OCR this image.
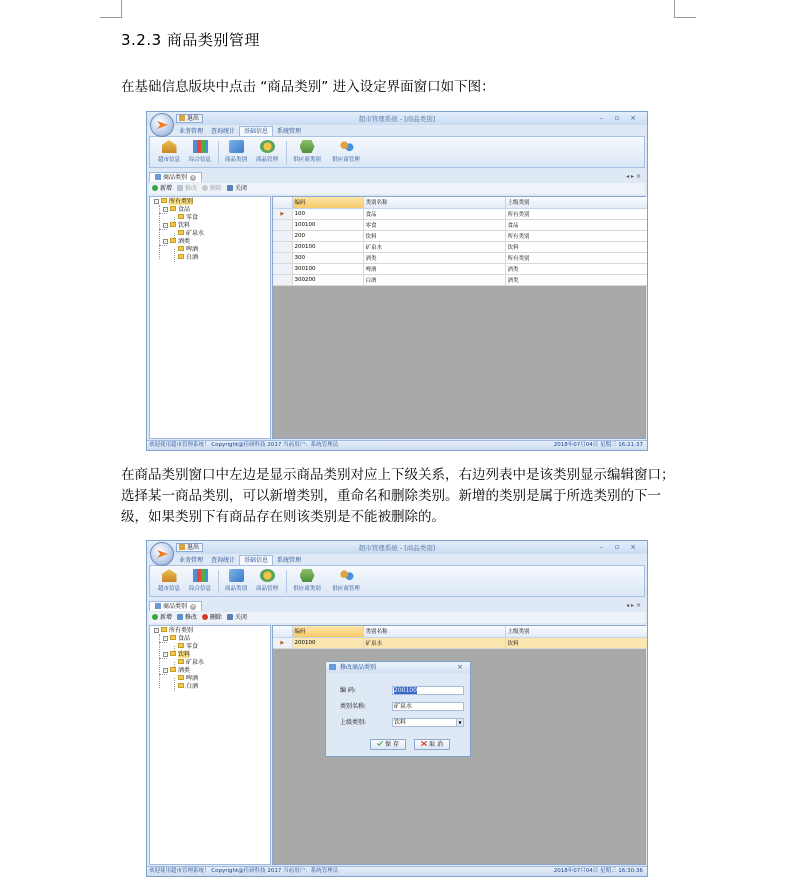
3.2.3 商品类别管理
在基础信息版块中点击 “商品类别” 进入设定界面窗口如下图：
在商品类别窗口中左边是显示商品类别对应上下级关系，右边列表中是该类别显示编辑窗口；选择某一商品类别，可以新增类别，重命名和删除类别。新增的类别是属于所选类别的下一级，如果类别下有商品存在则该类别是不能被删除的。
超市管理系统 - [商品类别]
退出	– ▫ ×
业务管理 查询统计 基础信息 系统管理
超市信息	综合信息	商品类别	商品管理	供应商类别	供应商管理
商品类别 ×	◂ ▸ ×
新增 修改 删除 关闭
- 所有类别
- 食品
零食
- 饮料
矿泉水
- 酒类
啤酒
白酒
	编码	类别名称	上级类别
▶	100	食品	所有类别
	100100	零食	食品
	200	饮料	所有类别
	200100	矿泉水	饮料
	300	酒类	所有类别
	300100	啤酒	酒类
	300200	白酒	酒类
欢迎使用超市管理系统！ Copyright@佳研科技 2017 当前用户：系统管理员	2018年07月04日 星期三 16:21:37
超市管理系统 - [商品类别]
退出	– ▫ ×
业务管理 查询统计 基础信息 系统管理
超市信息	综合信息	商品类别	商品管理	供应商类别	供应商管理
商品类别 ×	◂ ▸ ×
新增 修改 删除 关闭
- 所有类别
- 食品
零食
- 饮料
矿泉水
- 酒类
啤酒
白酒
	编码	类别名称	上级类别
▶	200100	矿泉水	饮料
修改商品类别	×
编 码:	200100
类别名称:	矿泉水
上级类别:	饮料	▼
保 存	取 消
欢迎使用超市管理系统！ Copyright@佳研科技 2017 当前用户：系统管理员	2018年07月04日 星期三 16:30:36
